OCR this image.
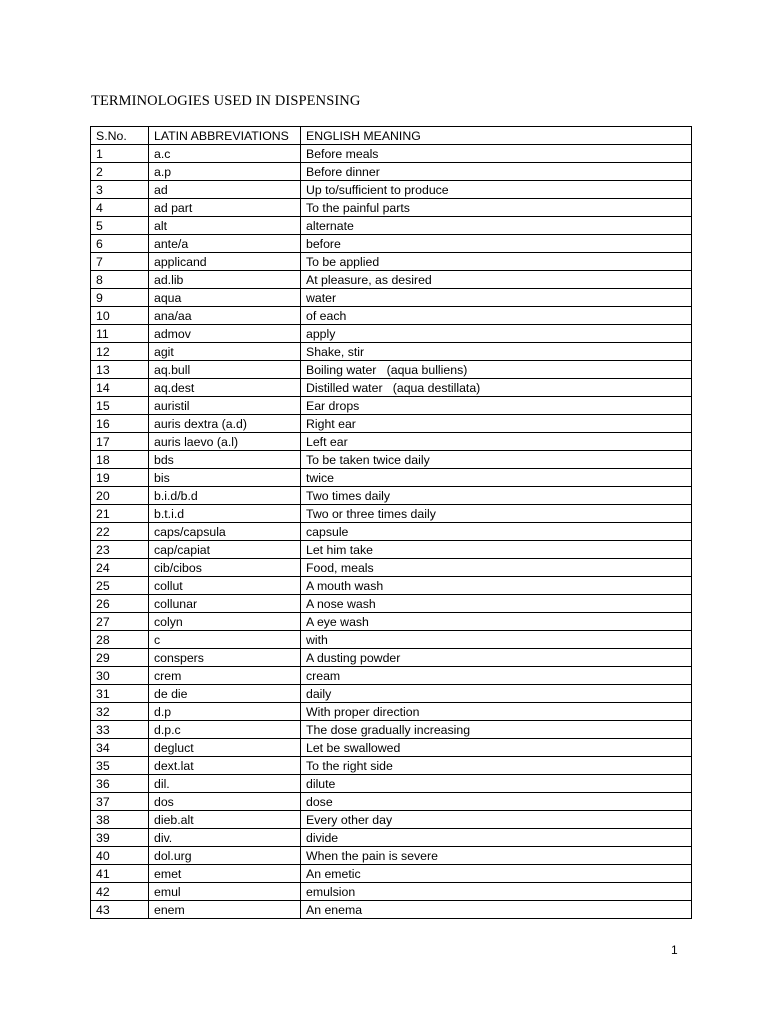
TERMINOLOGIES USED IN DISPENSING
S.No.	LATIN ABBREVIATIONS	ENGLISH MEANING
1	a.c	Before meals
2	a.p	Before dinner
3	ad	Up to/sufficient to produce
4	ad part	To the painful parts
5	alt	alternate
6	ante/a	before
7	applicand	To be applied
8	ad.lib	At pleasure, as desired
9	aqua	water
10	ana/aa	of each
11	admov	apply
12	agit	Shake, stir
13	aq.bull	Boiling water   (aqua bulliens)
14	aq.dest	Distilled water   (aqua destillata)
15	auristil	Ear drops
16	auris dextra (a.d)	Right ear
17	auris laevo (a.l)	Left ear
18	bds	To be taken twice daily
19	bis	twice
20	b.i.d/b.d	Two times daily
21	b.t.i.d	Two or three times daily
22	caps/capsula	capsule
23	cap/capiat	Let him take
24	cib/cibos	Food, meals
25	collut	A mouth wash
26	collunar	A nose wash
27	colyn	A eye wash
28	c	with
29	conspers	A dusting powder
30	crem	cream
31	de die	daily
32	d.p	With proper direction
33	d.p.c	The dose gradually increasing
34	degluct	Let be swallowed
35	dext.lat	To the right side
36	dil.	dilute
37	dos	dose
38	dieb.alt	Every other day
39	div.	divide
40	dol.urg	When the pain is severe
41	emet	An emetic
42	emul	emulsion
43	enem	An enema
1
